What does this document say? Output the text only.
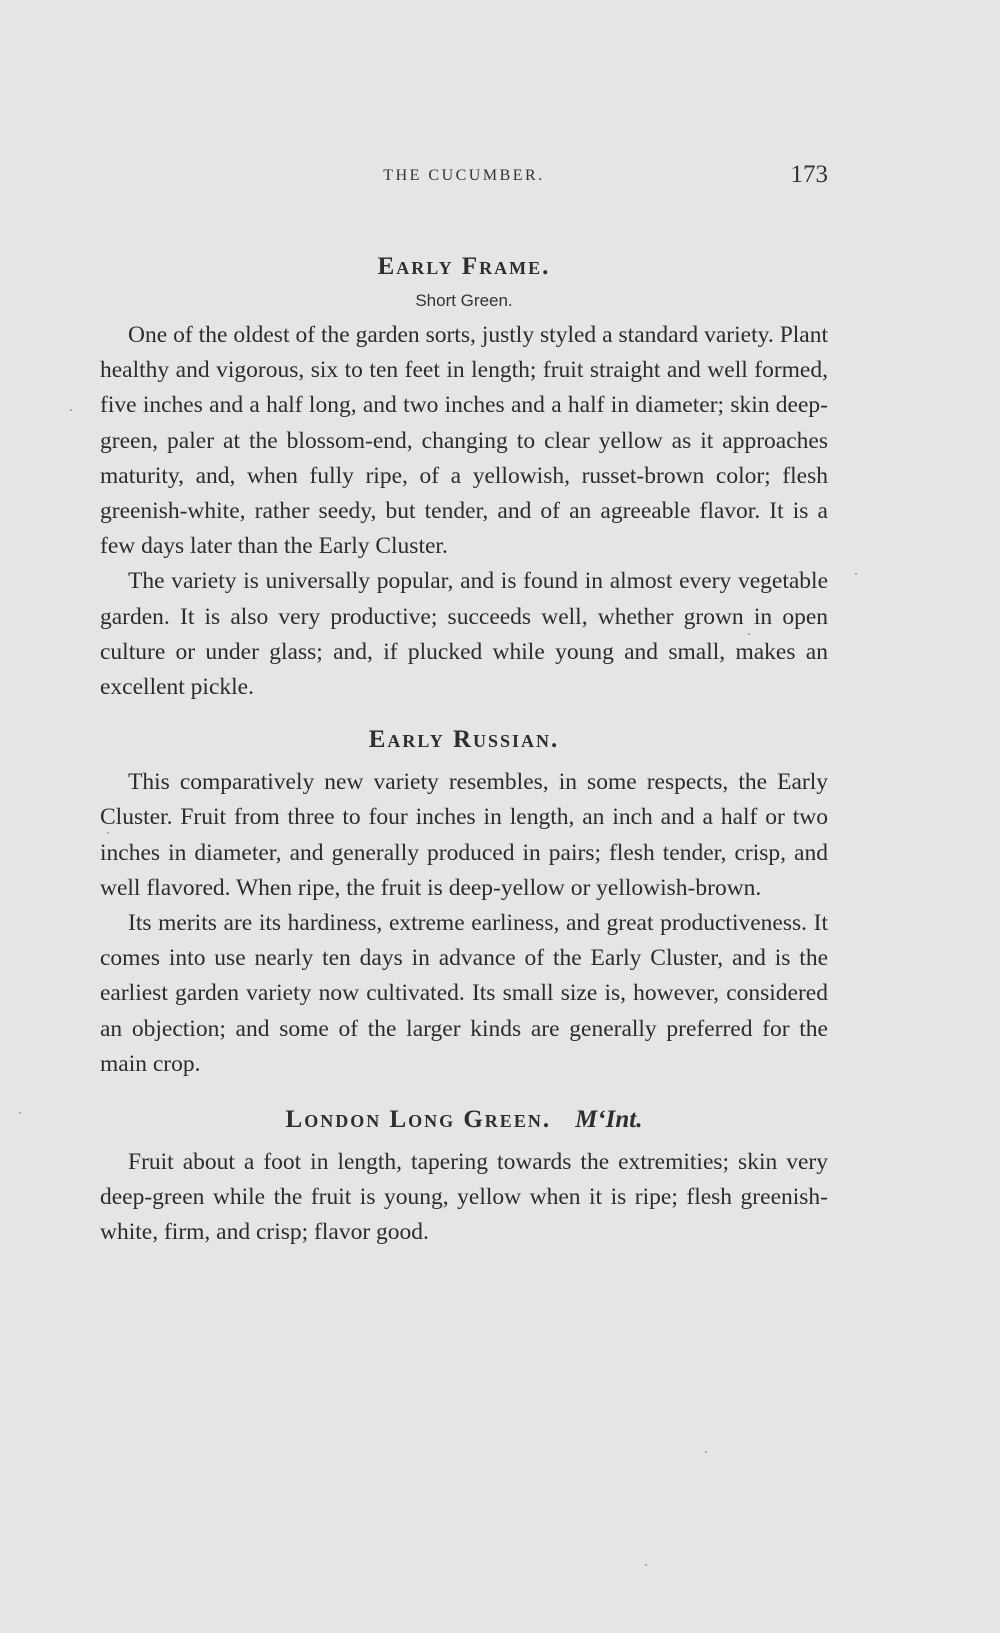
THE CUCUMBER.	173
Early Frame.
Short Green.

One of the oldest of the garden sorts, justly styled a standard variety. Plant healthy and vigorous, six to ten feet in length; fruit straight and well formed, five inches and a half long, and two inches and a half in diameter; skin deep-green, paler at the blossom-end, changing to clear yellow as it approaches maturity, and, when fully ripe, of a yellowish, russet-brown color; flesh greenish-white, rather seedy, but tender, and of an agreeable flavor. It is a few days later than the Early Cluster.

The variety is universally popular, and is found in almost every vegetable garden. It is also very productive; succeeds well, whether grown in open culture or under glass; and, if plucked while young and small, makes an excellent pickle.

Early Russian.

This comparatively new variety resembles, in some respects, the Early Cluster. Fruit from three to four inches in length, an inch and a half or two inches in diameter, and generally produced in pairs; flesh tender, crisp, and well flavored. When ripe, the fruit is deep-yellow or yellowish-brown.

Its merits are its hardiness, extreme earliness, and great productiveness. It comes into use nearly ten days in advance of the Early Cluster, and is the earliest garden variety now cultivated. Its small size is, however, considered an objection; and some of the larger kinds are generally preferred for the main crop.

London Long Green. M‘Int.

Fruit about a foot in length, tapering towards the extremities; skin very deep-green while the fruit is young, yellow when it is ripe; flesh greenish-white, firm, and crisp; flavor good.
